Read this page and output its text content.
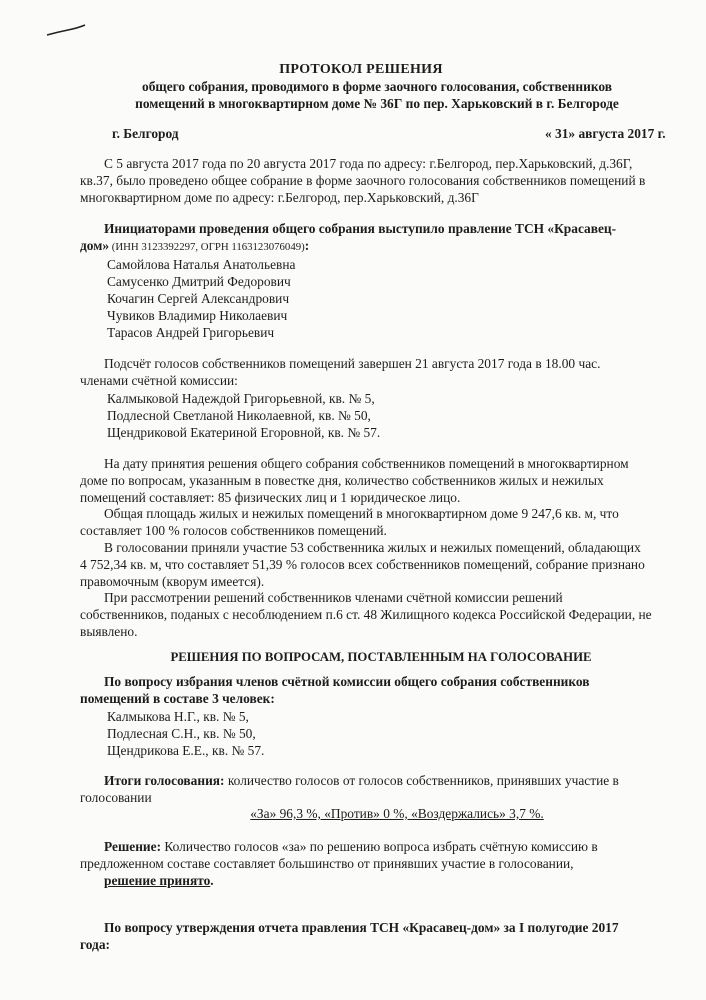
ПРОТОКОЛ РЕШЕНИЯ
общего собрания, проводимого в форме заочного голосования, собственников
помещений в многоквартирном доме № 36Г по пер. Харьковский в г. Белгороде
г. Белгород	« 31» августа 2017 г.
С 5 августа 2017 года по 20 августа 2017 года по адресу: г.Белгород, пер.Харьковский, д.36Г,
кв.37, было проведено общее собрание в форме заочного голосования собственников помещений в
многоквартирном доме по адресу: г.Белгород, пер.Харьковский, д.36Г
Инициаторами проведения общего собрания выступило правление ТСН «Красавец-
дом» (ИНН 3123392297, ОГРН 1163123076049):
Самойлова Наталья Анатольевна
Самусенко Дмитрий Федорович
Кочагин Сергей Александрович
Чувиков Владимир Николаевич
Тарасов Андрей Григорьевич
Подсчёт голосов собственников помещений завершен 21 августа 2017 года в 18.00 час.
членами счётной комиссии:
Калмыковой Надеждой Григорьевной, кв. № 5,
Подлесной Светланой Николаевной, кв. № 50,
Щендриковой Екатериной Егоровной, кв. № 57.
На дату принятия решения общего собрания собственников помещений в многоквартирном
доме по вопросам, указанным в повестке дня, количество собственников жилых и нежилых
помещений составляет: 85 физических лиц и 1 юридическое лицо.
Общая площадь жилых и нежилых помещений в многоквартирном доме 9 247,6 кв. м, что
составляет 100 % голосов собственников помещений.
В голосовании приняли участие 53 собственника жилых и нежилых помещений, обладающих
4 752,34 кв. м, что составляет 51,39 % голосов всех собственников помещений, собрание признано
правомочным (кворум имеется).
При рассмотрении решений собственников членами счётной комиссии решений
собственников, поданых с несоблюдением п.6 ст. 48 Жилищного кодекса Российской Федерации, не
выявлено.
РЕШЕНИЯ ПО ВОПРОСАМ, ПОСТАВЛЕННЫМ НА ГОЛОСОВАНИЕ
По вопросу избрания членов счётной комиссии общего собрания собственников
помещений в составе 3 человек:
Калмыкова Н.Г., кв. № 5,
Подлесная С.Н., кв. № 50,
Щендрикова Е.Е., кв. № 57.
Итоги голосования: количество голосов от голосов собственников, принявших участие в
голосовании
«За» 96,3 %, «Против» 0 %, «Воздержались» 3,7 %.
Решение: Количество голосов «за» по решению вопроса избрать счётную комиссию в
предложенном составе составляет большинство от принявших участие в голосовании,
решение принято.
По вопросу утверждения отчета правления ТСН «Красавец-дом» за I полугодие 2017
года:
